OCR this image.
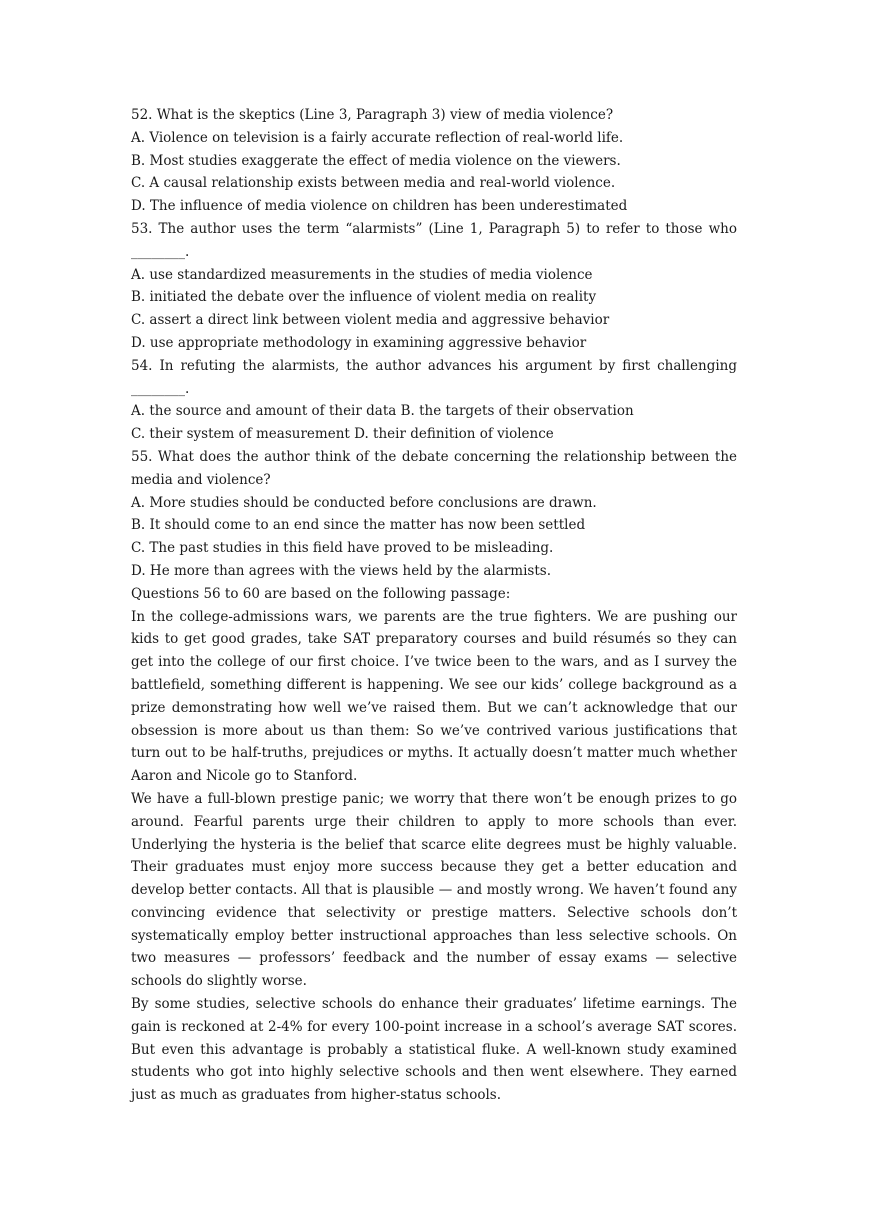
52. What is the skeptics (Line 3, Paragraph 3) view of media violence?

A. Violence on television is a fairly accurate reflection of real-world life.

B. Most studies exaggerate the effect of media violence on the viewers.

C. A causal relationship exists between media and real-world violence.

D. The influence of media violence on children has been underestimated

53. The author uses the term “alarmists” (Line 1, Paragraph 5) to refer to those who ________.

A. use standardized measurements in the studies of media violence

B. initiated the debate over the influence of violent media on reality

C. assert a direct link between violent media and aggressive behavior

D. use appropriate methodology in examining aggressive behavior

54. In refuting the alarmists, the author advances his argument by first challenging ________.

A. the source and amount of their data B. the targets of their observation

C. their system of measurement D. their definition of violence

55. What does the author think of the debate concerning the relationship between the media and violence?

A. More studies should be conducted before conclusions are drawn.

B. It should come to an end since the matter has now been settled

C. The past studies in this field have proved to be misleading.

D. He more than agrees with the views held by the alarmists.

Questions 56 to 60 are based on the following passage:

In the college-admissions wars, we parents are the true fighters. We are pushing our kids to get good grades, take SAT preparatory courses and build résumés so they can get into the college of our first choice. I’ve twice been to the wars, and as I survey the battlefield, something different is happening. We see our kids’ college background as a prize demonstrating how well we’ve raised them. But we can’t acknowledge that our obsession is more about us than them: So we’ve contrived various justifications that turn out to be half-truths, prejudices or myths. It actually doesn’t matter much whether Aaron and Nicole go to Stanford.

We have a full-blown prestige panic; we worry that there won’t be enough prizes to go around. Fearful parents urge their children to apply to more schools than ever. Underlying the hysteria is the belief that scarce elite degrees must be highly valuable. Their graduates must enjoy more success because they get a better education and develop better contacts. All that is plausible — and mostly wrong. We haven’t found any convincing evidence that selectivity or prestige matters. Selective schools don’t systematically employ better instructional approaches than less selective schools. On two measures — professors’ feedback and the number of essay exams — selective schools do slightly worse.

By some studies, selective schools do enhance their graduates’ lifetime earnings. The gain is reckoned at 2-4% for every 100-point increase in a school’s average SAT scores. But even this advantage is probably a statistical fluke. A well-known study examined students who got into highly selective schools and then went elsewhere. They earned just as much as graduates from higher-status schools.
